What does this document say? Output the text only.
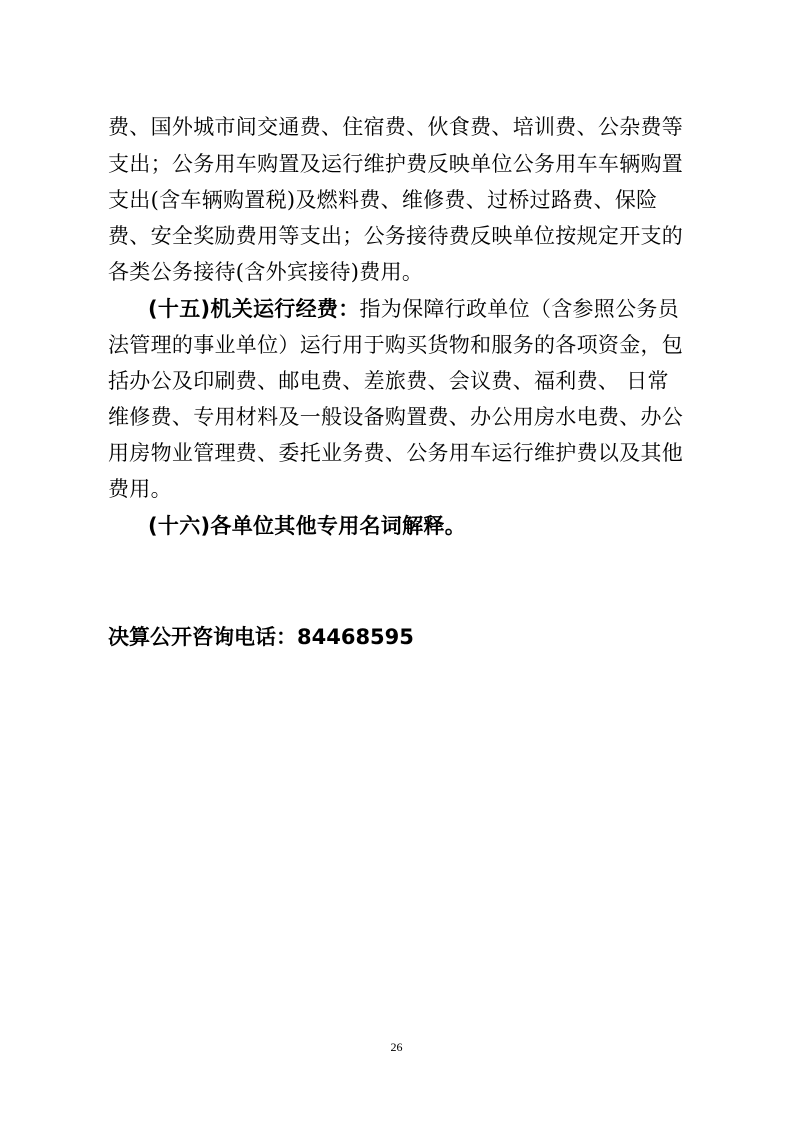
费、国外城市间交通费、住宿费、伙食费、培训费、公杂费等
支出；公务用车购置及运行维护费反映单位公务用车车辆购置
支出(含车辆购置税)及燃料费、维修费、过桥过路费、保险
费、安全奖励费用等支出；公务接待费反映单位按规定开支的
各类公务接待(含外宾接待)费用。
(十五)机关运行经费：指为保障行政单位（含参照公务员
法管理的事业单位）运行用于购买货物和服务的各项资金，包
括办公及印刷费、邮电费、差旅费、会议费、福利费、 日常
维修费、专用材料及一般设备购置费、办公用房水电费、办公
用房物业管理费、委托业务费、公务用车运行维护费以及其他
费用。
(十六)各单位其他专用名词解释。
决算公开咨询电话：84468595
26
